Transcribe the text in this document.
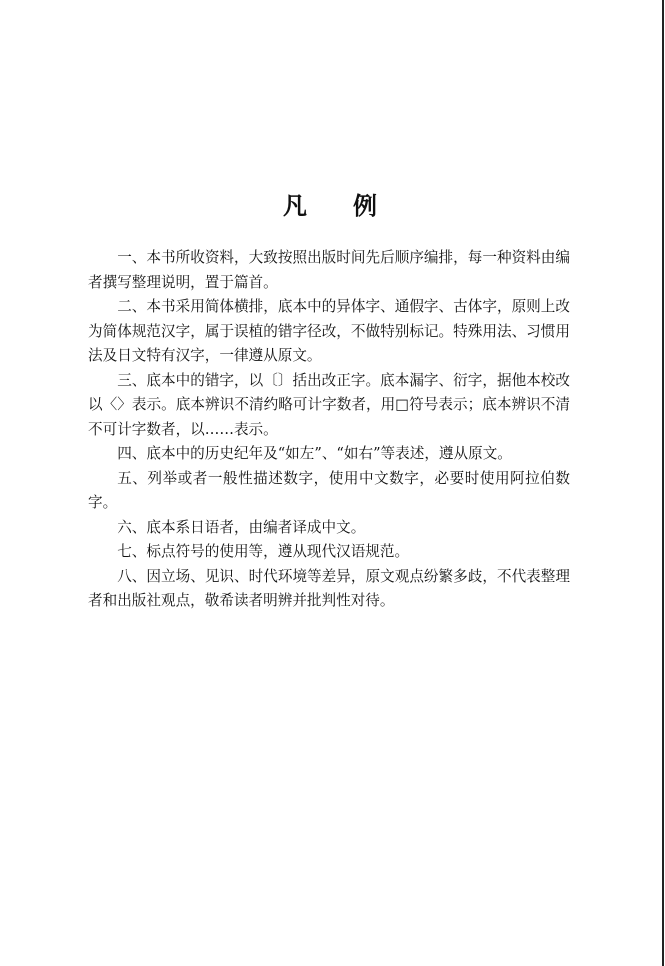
凡 例

一、本书所收资料，大致按照出版时间先后顺序编排，每一种资料由编者撰写整理说明，置于篇首。

二、本书采用简体横排，底本中的异体字、通假字、古体字，原则上改为简体规范汉字，属于误植的错字径改，不做特别标记。特殊用法、习惯用法及日文特有汉字，一律遵从原文。

三、底本中的错字，以〔〕括出改正字。底本漏字、衍字，据他本校改以〈〉表示。底本辨识不清约略可计字数者，用□符号表示；底本辨识不清不可计字数者，以……表示。

四、底本中的历史纪年及“如左”、“如右”等表述，遵从原文。

五、列举或者一般性描述数字，使用中文数字，必要时使用阿拉伯数字。

六、底本系日语者，由编者译成中文。

七、标点符号的使用等，遵从现代汉语规范。

八、因立场、见识、时代环境等差异，原文观点纷繁多歧，不代表整理者和出版社观点，敬希读者明辨并批判性对待。
